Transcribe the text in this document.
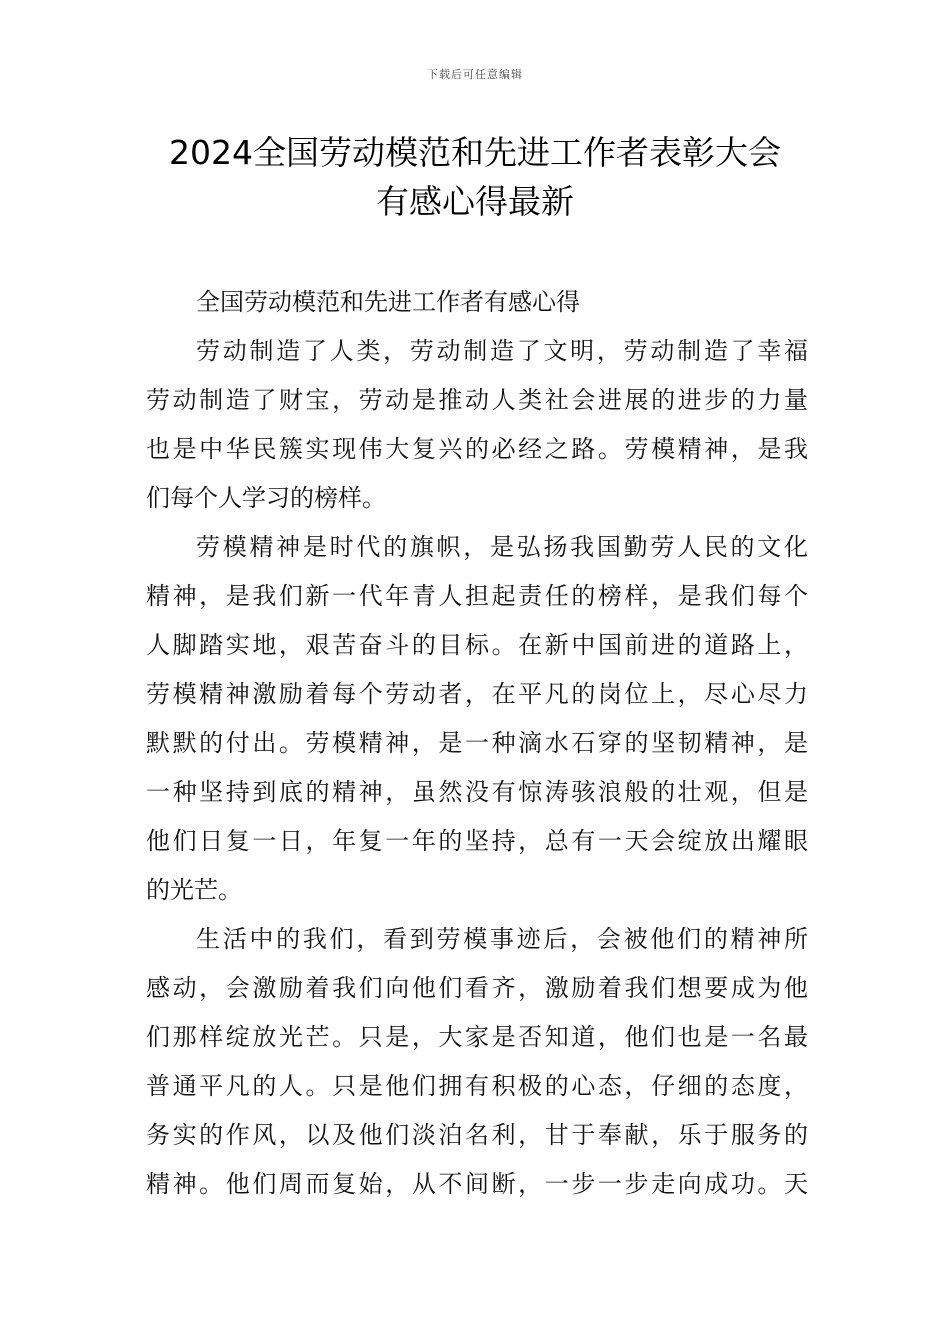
下载后可任意编辑
2024全国劳动模范和先进工作者表彰大会
有感心得最新

全国劳动模范和先进工作者有感心得

劳动制造了人类，劳动制造了文明，劳动制造了幸福
劳动制造了财宝，劳动是推动人类社会进展的进步的力量
也是中华民簇实现伟大复兴的必经之路。劳模精神，是我
们每个人学习的榜样。

劳模精神是时代的旗帜，是弘扬我国勤劳人民的文化
精神，是我们新一代年青人担起责任的榜样，是我们每个
人脚踏实地，艰苦奋斗的目标。在新中国前进的道路上，
劳模精神激励着每个劳动者，在平凡的岗位上，尽心尽力
默默的付出。劳模精神，是一种滴水石穿的坚韧精神，是
一种坚持到底的精神，虽然没有惊涛骇浪般的壮观，但是
他们日复一日，年复一年的坚持，总有一天会绽放出耀眼
的光芒。

生活中的我们，看到劳模事迹后，会被他们的精神所
感动，会激励着我们向他们看齐，激励着我们想要成为他
们那样绽放光芒。只是，大家是否知道，他们也是一名最
普通平凡的人。只是他们拥有积极的心态，仔细的态度，
务实的作风，以及他们淡泊名利，甘于奉献，乐于服务的
精神。他们周而复始，从不间断，一步一步走向成功。天
